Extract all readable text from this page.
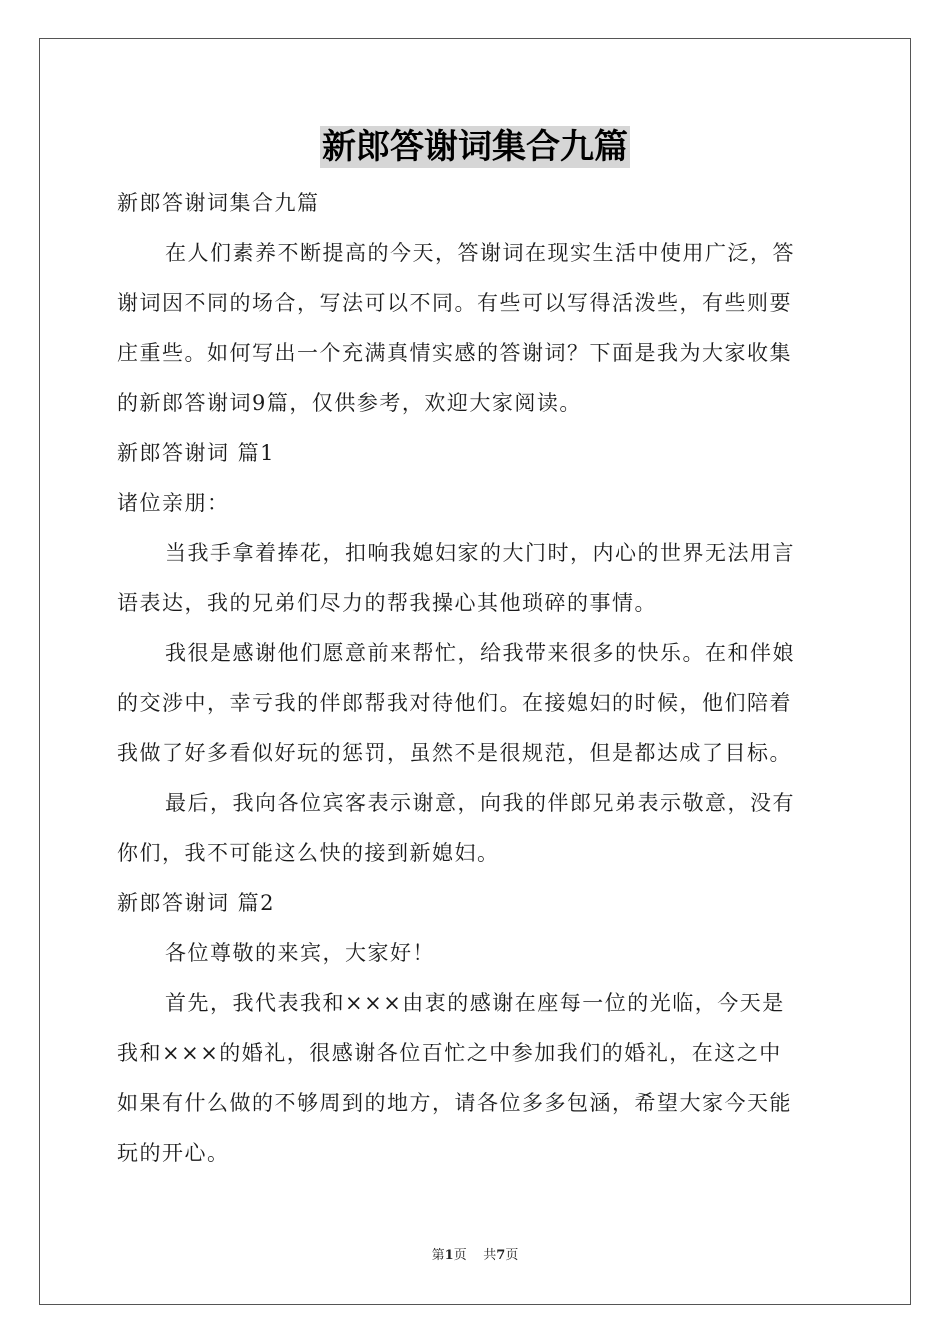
新郎答谢词集合九篇
新郎答谢词集合九篇
在人们素养不断提高的今天，答谢词在现实生活中使用广泛，答
谢词因不同的场合，写法可以不同。有些可以写得活泼些，有些则要
庄重些。如何写出一个充满真情实感的答谢词？下面是我为大家收集
的新郎答谢词9篇，仅供参考，欢迎大家阅读。
新郎答谢词 篇1
诸位亲朋：
当我手拿着捧花，扣响我媳妇家的大门时，内心的世界无法用言
语表达，我的兄弟们尽力的帮我操心其他琐碎的事情。
我很是感谢他们愿意前来帮忙，给我带来很多的快乐。在和伴娘
的交涉中，幸亏我的伴郎帮我对待他们。在接媳妇的时候，他们陪着
我做了好多看似好玩的惩罚，虽然不是很规范，但是都达成了目标。
最后，我向各位宾客表示谢意，向我的伴郎兄弟表示敬意，没有
你们，我不可能这么快的接到新媳妇。
新郎答谢词 篇2
各位尊敬的来宾，大家好！
首先，我代表我和×××由衷的感谢在座每一位的光临，今天是
我和×××的婚礼，很感谢各位百忙之中参加我们的婚礼，在这之中
如果有什么做的不够周到的地方，请各位多多包涵，希望大家今天能
玩的开心。
第1页 共7页
